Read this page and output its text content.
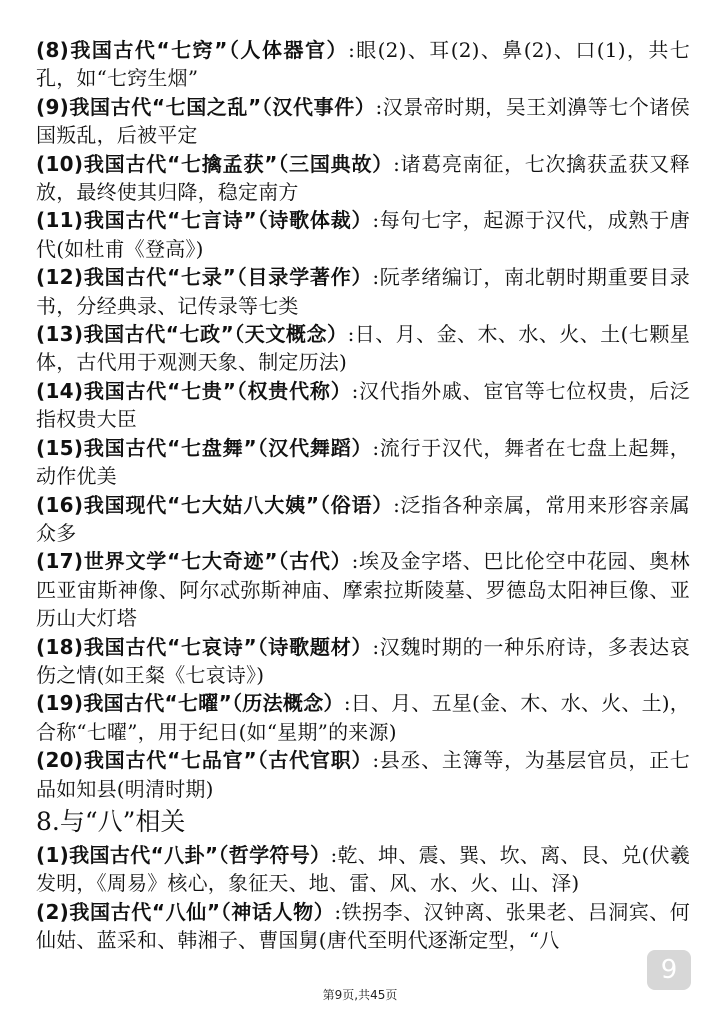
(8)我国古代“七窍”（人体器官）:眼(2)、耳(2)、鼻(2)、口(1)，共七孔，如“七窍生烟”

(9)我国古代“七国之乱”（汉代事件）:汉景帝时期，吴王刘濞等七个诸侯国叛乱，后被平定

(10)我国古代“七擒孟获”（三国典故）:诸葛亮南征，七次擒获孟获又释放，最终使其归降，稳定南方

(11)我国古代“七言诗”（诗歌体裁）:每句七字，起源于汉代，成熟于唐代(如杜甫《登高》)

(12)我国古代“七录”（目录学著作）:阮孝绪编订，南北朝时期重要目录书，分经典录、记传录等七类

(13)我国古代“七政”（天文概念）:日、月、金、木、水、火、土(七颗星体，古代用于观测天象、制定历法)

(14)我国古代“七贵”（权贵代称）:汉代指外戚、宦官等七位权贵，后泛指权贵大臣

(15)我国古代“七盘舞”（汉代舞蹈）:流行于汉代，舞者在七盘上起舞，动作优美

(16)我国现代“七大姑八大姨”（俗语）:泛指各种亲属，常用来形容亲属众多

(17)世界文学“七大奇迹”（古代）:埃及金字塔、巴比伦空中花园、奥林匹亚宙斯神像、阿尔忒弥斯神庙、摩索拉斯陵墓、罗德岛太阳神巨像、亚历山大灯塔

(18)我国古代“七哀诗”（诗歌题材）:汉魏时期的一种乐府诗，多表达哀伤之情(如王粲《七哀诗》)

(19)我国古代“七曜”（历法概念）:日、月、五星(金、木、水、火、土)，合称“七曜”，用于纪日(如“星期”的来源)

(20)我国古代“七品官”（古代官职）:县丞、主簿等，为基层官员，正七品如知县(明清时期)

8.与“八”相关

(1)我国古代“八卦”（哲学符号）:乾、坤、震、巽、坎、离、艮、兑(伏羲发明，《周易》核心，象征天、地、雷、风、水、火、山、泽)

(2)我国古代“八仙”（神话人物）:铁拐李、汉钟离、张果老、吕洞宾、何仙姑、蓝采和、韩湘子、曹国舅(唐代至明代逐渐定型，“八

9
第9页,共45页
